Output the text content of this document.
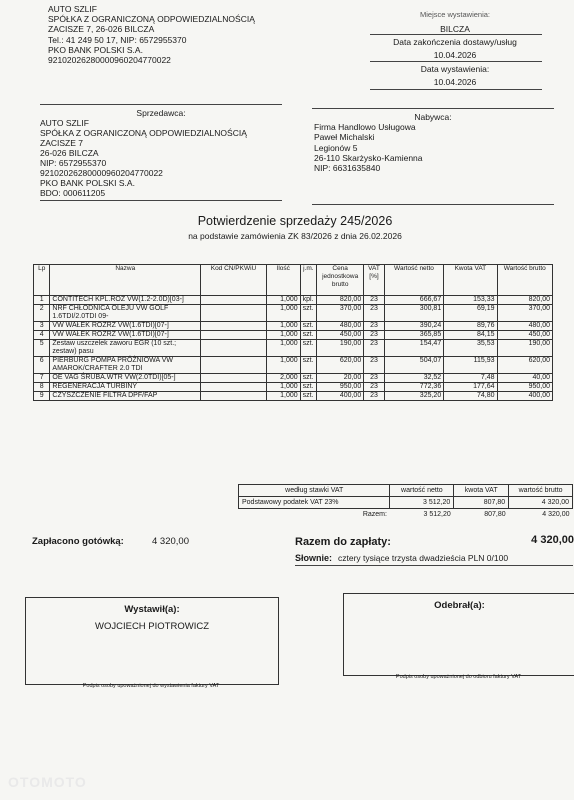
AUTO SZLIF
SPÓŁKA Z OGRANICZONĄ ODPOWIEDZIALNOŚCIĄ
ZACISZE 7, 26-026 BILCZA
Tel.: 41 249 50 17, NIP: 6572955370
PKO BANK POLSKI S.A.
92102026280000960204770022
Miejsce wystawienia:
BILCZA
Data zakończenia dostawy/usług
10.04.2026
Data wystawienia:
10.04.2026
Sprzedawca:
AUTO SZLIF
SPÓŁKA Z OGRANICZONĄ ODPOWIEDZIALNOŚCIĄ
ZACISZE 7
26-026 BILCZA
NIP: 6572955370
92102026280000960204770022
PKO BANK POLSKI S.A.
BDO: 000611205
Nabywca:
Firma Handlowo Usługowa
Paweł Michalski
Legionów 5
26-110 Skarżysko-Kamienna
NIP: 6631635840
Potwierdzenie sprzedaży 245/2026
na podstawie zamówienia ZK 83/2026 z dnia 26.02.2026
Lp	Nazwa	Kod CN/PKWiU	Ilość	j.m.	Cena jednostkowa brutto	VAT [%]	Wartość netto	Kwota VAT	Wartość brutto
1	CONTITECH KPL.ROZ VW(1.2-2.0D)[03-]		1,000	kpl.	820,00	23	666,67	153,33	820,00
2	NRF CHŁODNICA OLEJU VW GOLF 1.6TDI/2.0TDI 09-		1,000	szt.	370,00	23	300,81	69,19	370,00
3	VW WAŁEK ROZRZ VW(1.6TDI)[07-]		1,000	szt.	480,00	23	390,24	89,76	480,00
4	VW WAŁEK ROZRZ VW(1.6TDI)[07-]		1,000	szt.	450,00	23	365,85	84,15	450,00
5	Zestaw uszczelek zaworu EGR (10 szt.; zestaw) pasu		1,000	szt.	190,00	23	154,47	35,53	190,00
6	PIERBURG POMPA PRÓŻNIOWA VW AMAROK/CRAFTER 2.0 TDI		1,000	szt.	620,00	23	504,07	115,93	620,00
7	OE VAG ŚRUBA.WTR VW(2.0TDI)[05-]		2,000	szt.	20,00	23	32,52	7,48	40,00
8	REGENERACJA TURBINY		1,000	szt.	950,00	23	772,36	177,64	950,00
9	CZYSZCZENIE FILTRA DPF/FAP		1,000	szt.	400,00	23	325,20	74,80	400,00
według stawki VAT	wartość netto	kwota VAT	wartość brutto
Podstawowy podatek VAT 23%	3 512,20	807,80	4 320,00
Razem:	3 512,20	807,80	4 320,00
Zapłacono gotówką:	4 320,00	Razem do zapłaty:	4 320,00
Słownie: cztery tysiące trzysta dwadzieścia PLN 0/100
Wystawił(a):
WOJCIECH PIOTROWICZ
Podpis osoby upoważnionej do wystawienia faktury VAT
Odebrał(a):
Podpis osoby upoważnionej do odbioru faktury VAT
OTOMOTO
